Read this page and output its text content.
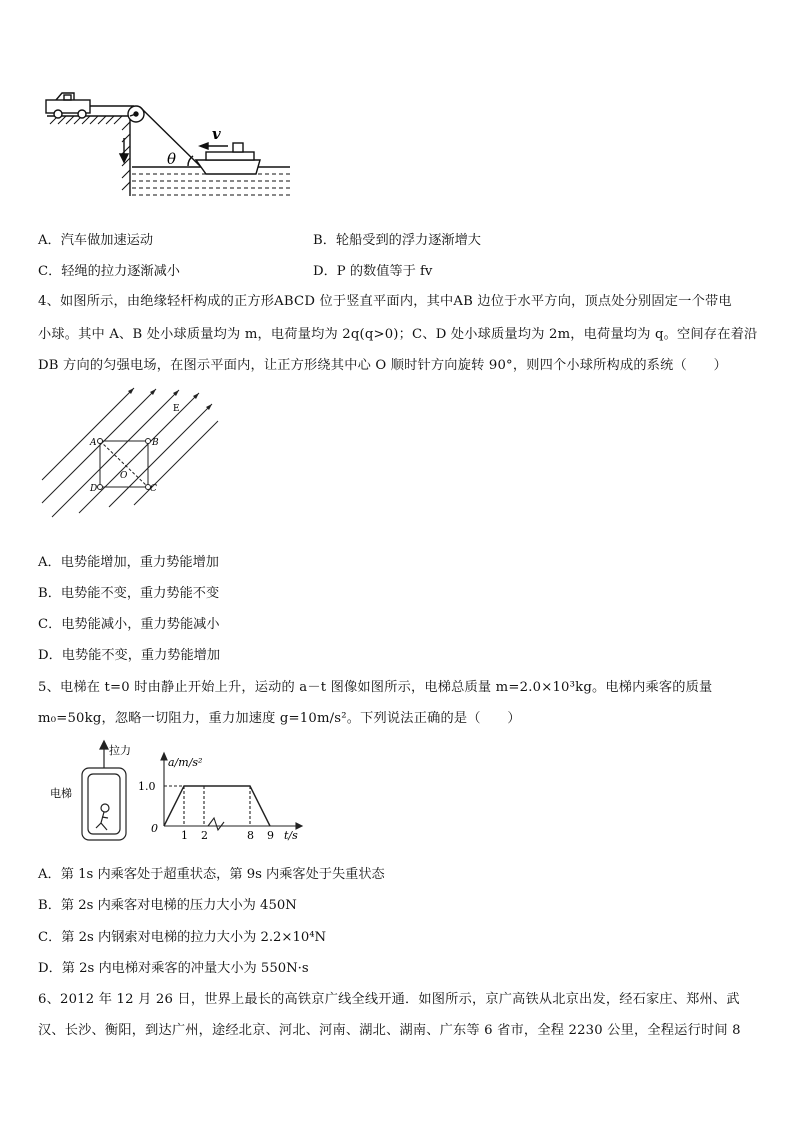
v
θ
A．汽车做加速运动	B．轮船受到的浮力逐渐增大
C．轻绳的拉力逐渐减小	D．P 的数值等于 fv
4、如图所示，由绝缘轻杆构成的正方形ABCD 位于竖直平面内，其中AB 边位于水平方向，顶点处分别固定一个带电
小球。其中 A、B 处小球质量均为 m，电荷量均为 2q(q>0)；C、D 处小球质量均为 2m，电荷量均为 q。空间存在着沿
DB 方向的匀强电场，在图示平面内，让正方形绕其中心 O 顺时针方向旋转 90°，则四个小球所构成的系统（　　）
E
A	B
C
D
O
A．电势能增加，重力势能增加
B．电势能不变，重力势能不变
C．电势能减小，重力势能减小
D．电势能不变，重力势能增加
5、电梯在 t=0 时由静止开始上升，运动的 a－t 图像如图所示，电梯总质量 m=2.0×10³kg。电梯内乘客的质量
m₀=50kg，忽略一切阻力，重力加速度 g=10m/s²。下列说法正确的是（　　）
拉力
电梯
a/m/s²
1.0
0
1 2	8 9 t/s
A．第 1s 内乘客处于超重状态，第 9s 内乘客处于失重状态
B．第 2s 内乘客对电梯的压力大小为 450N
C．第 2s 内钢索对电梯的拉力大小为 2.2×10⁴N
D．第 2s 内电梯对乘客的冲量大小为 550N·s
6、2012 年 12 月 26 日，世界上最长的高铁京广线全线开通．如图所示，京广高铁从北京出发，经石家庄、郑州、武
汉、长沙、衡阳，到达广州，途经北京、河北、河南、湖北、湖南、广东等 6 省市，全程 2230 公里，全程运行时间 8
